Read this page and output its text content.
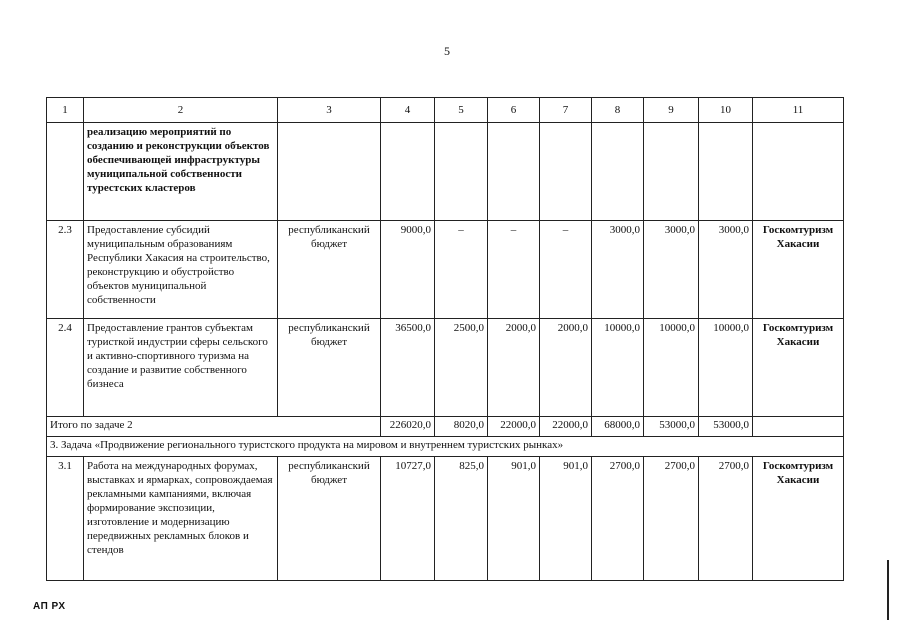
5
1	2	3	4	5	6	7	8	9	10	11
	реализацию мероприятий по созданию и реконструкции объектов обеспечивающей инфраструктуры муниципальной собственности турестских кластеров									
2.3	Предоставление субсидий муниципальным образованиям Республики Хакасия на строительство, реконструкцию и обустройство объектов муниципальной собственности	республиканский бюджет	9000,0	–	–	–	3000,0	3000,0	3000,0	Госкомтуризм Хакасии
2.4	Предоставление грантов субъектам туристкой индустрии сферы сельского и активно-спортивного туризма на создание и развитие собственного бизнеса	республиканский бюджет	36500,0	2500,0	2000,0	2000,0	10000,0	10000,0	10000,0	Госкомтуризм Хакасии
Итого по задаче 2			226020,0	8020,0	22000,0	22000,0	68000,0	53000,0	53000,0	
3. Задача «Продвижение регионального туристского продукта на мировом и внутреннем туристских рынках»										
3.1	Работа на международных форумах, выставках и ярмарках, сопровождаемая рекламными кампаниями, включая формирование экспозиции, изготовление и модернизацию передвижных рекламных блоков и стендов	республиканский бюджет	10727,0	825,0	901,0	901,0	2700,0	2700,0	2700,0	Госкомтуризм Хакасии
АП РХ
